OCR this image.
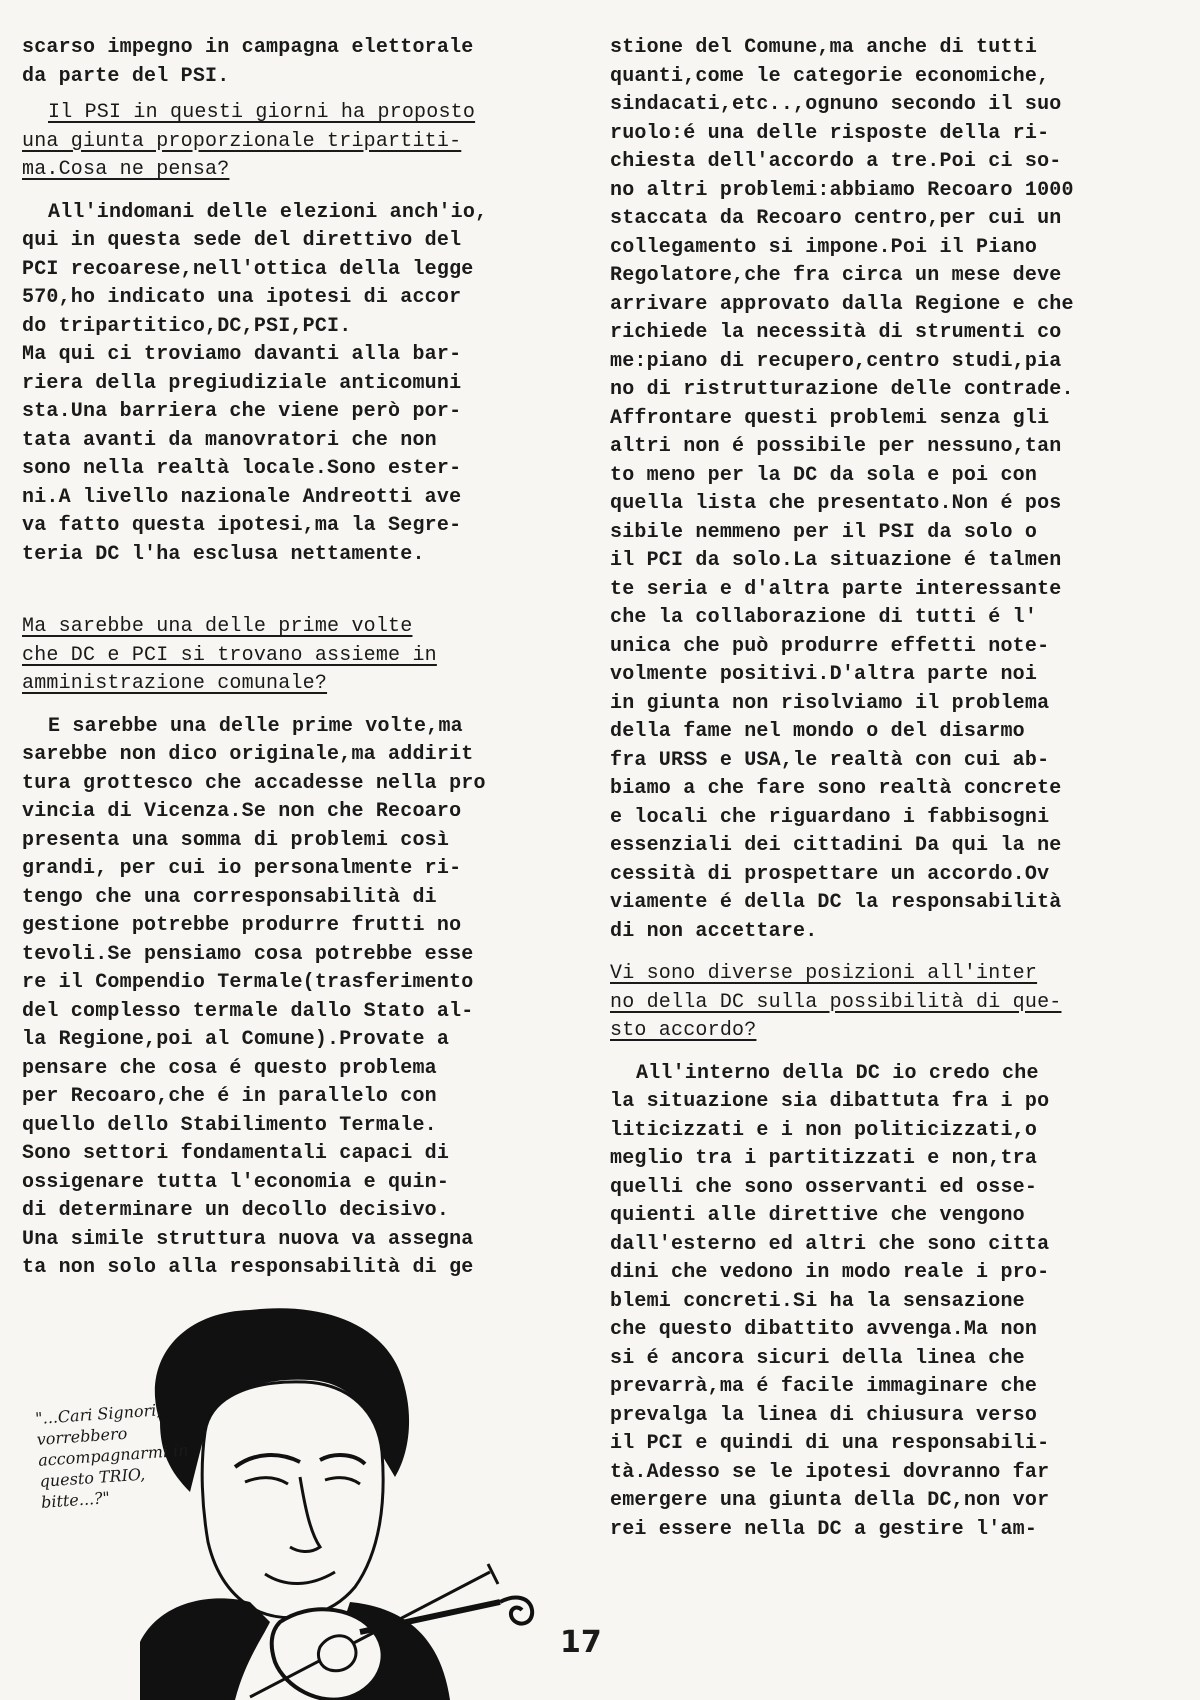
scarso impegno in campagna elettorale
da parte del PSI.
Il PSI in questi giorni ha proposto
una giunta proporzionale tripartiti-
ma.Cosa ne pensa?
All'indomani delle elezioni anch'io,
qui in questa sede del direttivo del
PCI recoarese,nell'ottica della legge
570,ho indicato una ipotesi di accor
do tripartitico,DC,PSI,PCI.
Ma qui ci troviamo davanti alla bar-
riera della pregiudiziale anticomuni
sta.Una barriera che viene però por-
tata avanti da manovratori che non
sono nella realtà locale.Sono ester-
ni.A livello nazionale Andreotti ave
va fatto questa ipotesi,ma la Segre-
teria DC l'ha esclusa nettamente.
Ma sarebbe una delle prime volte
che DC e PCI si trovano assieme in
amministrazione comunale?
E sarebbe una delle prime volte,ma
sarebbe non dico originale,ma addirit
tura grottesco che accadesse nella pro
vincia di Vicenza.Se non che Recoaro
presenta una somma di problemi così
grandi, per cui io personalmente ri-
tengo che una corresponsabilità di
gestione potrebbe produrre frutti no
tevoli.Se pensiamo cosa potrebbe esse
re il Compendio Termale(trasferimento
del complesso termale dallo Stato al-
la Regione,poi al Comune).Provate a
pensare che cosa é questo problema
per Recoaro,che é in parallelo con
quello dello Stabilimento Termale.
Sono settori fondamentali capaci di
ossigenare tutta l'economia e quin-
di determinare un decollo decisivo.
Una simile struttura nuova va assegna
ta non solo alla responsabilità di ge
stione del Comune,ma anche di tutti
quanti,come le categorie economiche,
sindacati,etc..,ognuno secondo il suo
ruolo:é una delle risposte della ri-
chiesta dell'accordo a tre.Poi ci so-
no altri problemi:abbiamo Recoaro 1000
staccata da Recoaro centro,per cui un
collegamento si impone.Poi il Piano
Regolatore,che fra circa un mese deve
arrivare approvato dalla Regione e che
richiede la necessità di strumenti co
me:piano di recupero,centro studi,pia
no di ristrutturazione delle contrade.
Affrontare questi problemi senza gli
altri non é possibile per nessuno,tan
to meno per la DC da sola e poi con
quella lista che presentato.Non é pos
sibile nemmeno per il PSI da solo o
il PCI da solo.La situazione é talmen
te seria e d'altra parte interessante
che la collaborazione di tutti é l'
unica che può produrre effetti note-
volmente positivi.D'altra parte noi
in giunta non risolviamo il problema
della fame nel mondo o del disarmo
fra URSS e USA,le realtà con cui ab-
biamo a che fare sono realtà concrete
e locali che riguardano i fabbisogni
essenziali dei cittadini Da qui la ne
cessità di prospettare un accordo.Ov
viamente é della DC la responsabilità
di non accettare.
Vi sono diverse posizioni all'inter
no della DC sulla possibilità di que-
sto accordo?
All'interno della DC io credo che
la situazione sia dibattuta fra i po
liticizzati e i non politicizzati,o
meglio tra i partitizzati e non,tra
quelli che sono osservanti ed osse-
quienti alle direttive che vengono
dall'esterno ed altri che sono citta
dini che vedono in modo reale i pro-
blemi concreti.Si ha la sensazione
che questo dibattito avvenga.Ma non
si é ancora sicuri della linea che
prevarrà,ma é facile immaginare che
prevalga la linea di chiusura verso
il PCI e quindi di una responsabili-
tà.Adesso se le ipotesi dovranno far
emergere una giunta della DC,non vor
rei essere nella DC a gestire l'am-
"...Cari Signori, vorrebbero accompagnarmi in questo TRIO, bitte...?"
17
